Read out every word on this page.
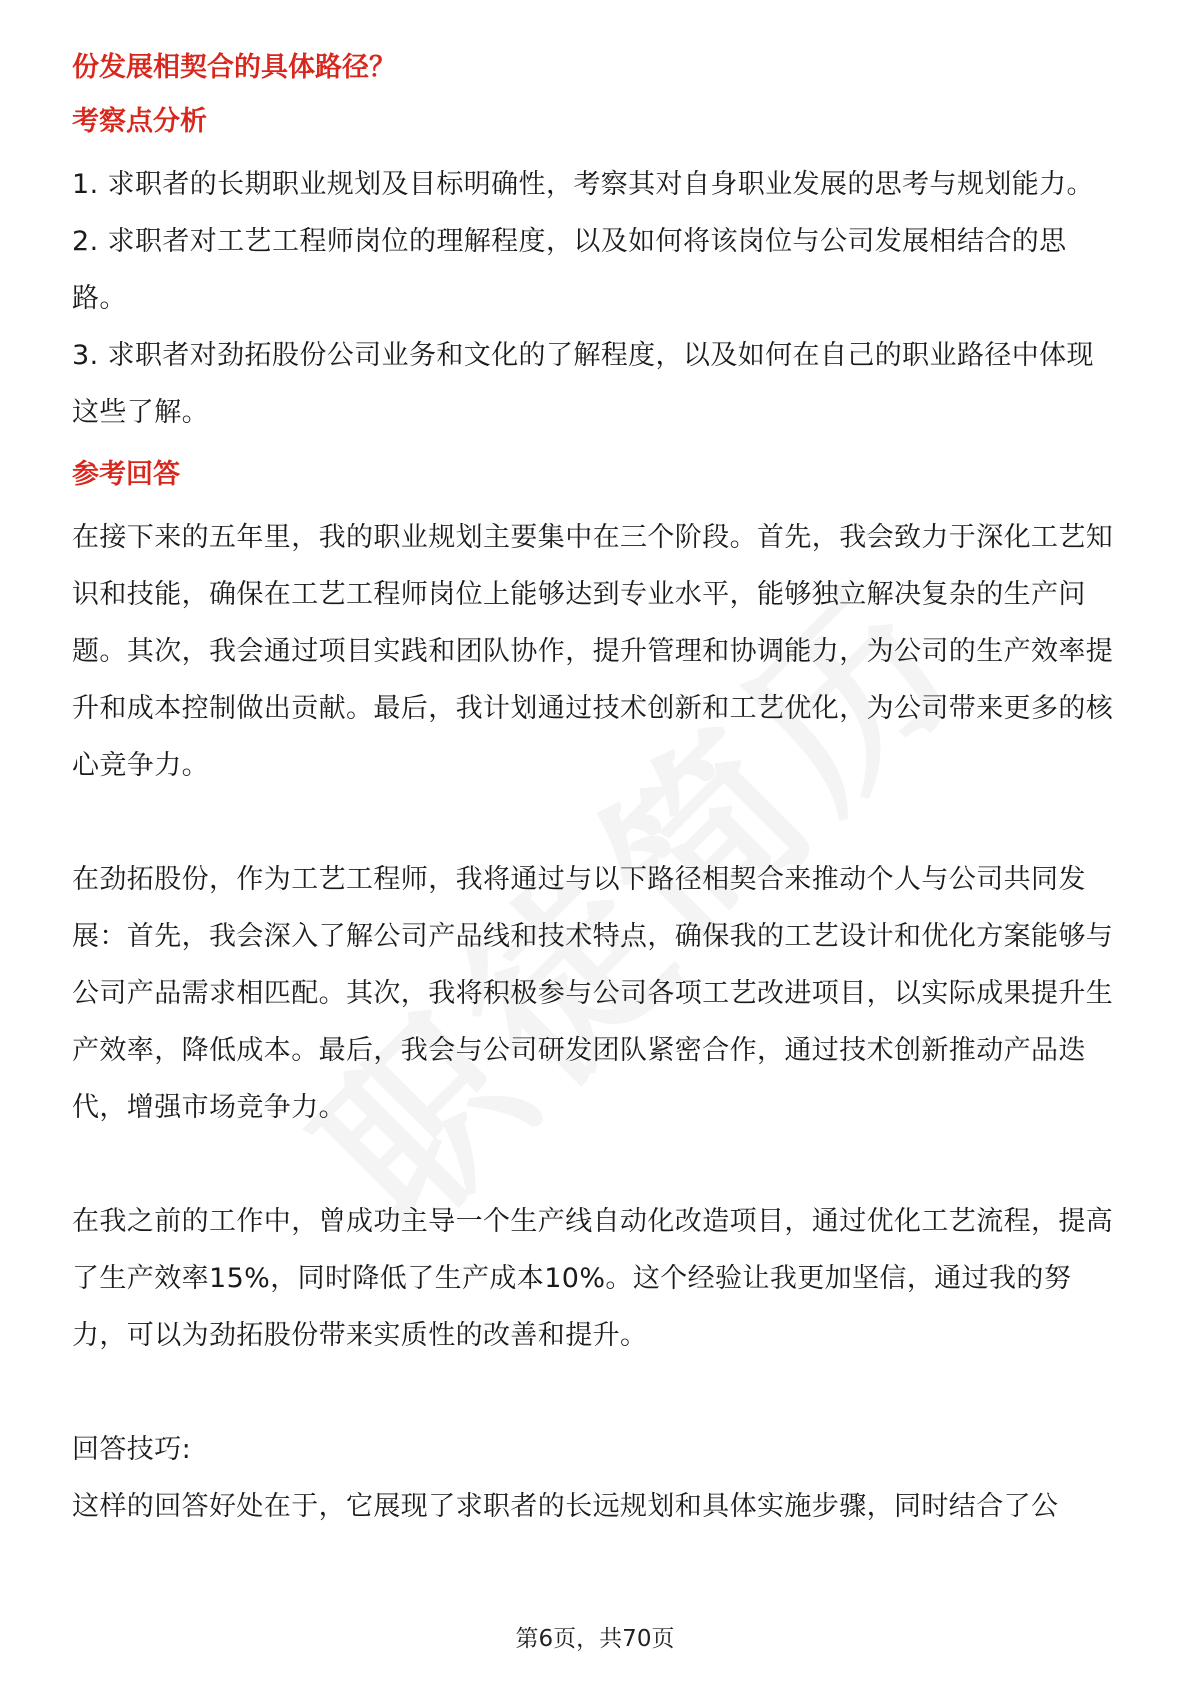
份发展相契合的具体路径？

考察点分析

1. 求职者的长期职业规划及目标明确性，考察其对自身职业发展的思考与规划能力。

2. 求职者对工艺工程师岗位的理解程度，以及如何将该岗位与公司发展相结合的思路。

3. 求职者对劲拓股份公司业务和文化的了解程度，以及如何在自己的职业路径中体现这些了解。

参考回答

在接下来的五年里，我的职业规划主要集中在三个阶段。首先，我会致力于深化工艺知识和技能，确保在工艺工程师岗位上能够达到专业水平，能够独立解决复杂的生产问题。其次，我会通过项目实践和团队协作，提升管理和协调能力，为公司的生产效率提升和成本控制做出贡献。最后，我计划通过技术创新和工艺优化，为公司带来更多的核心竞争力。

在劲拓股份，作为工艺工程师，我将通过与以下路径相契合来推动个人与公司共同发展：首先，我会深入了解公司产品线和技术特点，确保我的工艺设计和优化方案能够与公司产品需求相匹配。其次，我将积极参与公司各项工艺改进项目，以实际成果提升生产效率，降低成本。最后，我会与公司研发团队紧密合作，通过技术创新推动产品迭代，增强市场竞争力。

在我之前的工作中，曾成功主导一个生产线自动化改造项目，通过优化工艺流程，提高了生产效率15%，同时降低了生产成本10%。这个经验让我更加坚信，通过我的努力，可以为劲拓股份带来实质性的改善和提升。

回答技巧:

这样的回答好处在于，它展现了求职者的长远规划和具体实施步骤，同时结合了公

第6页，共70页
